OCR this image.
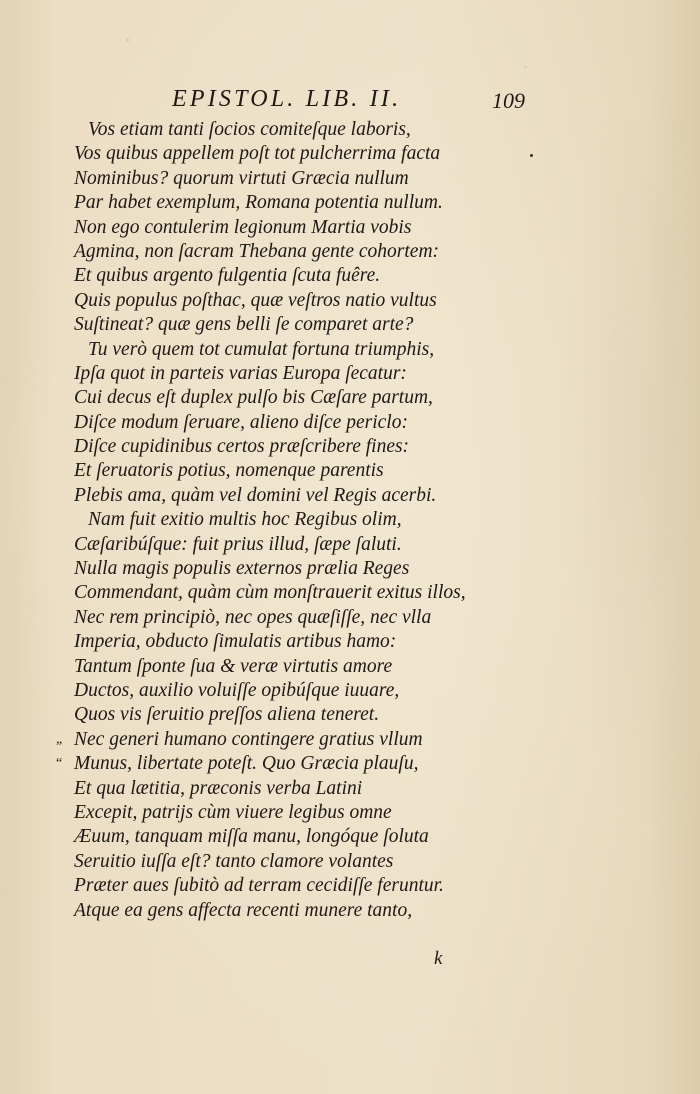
EPISTOL. LIB. II.	109
Vos etiam tanti ſocios comiteſque laboris,
Vos quibus appellem poſt tot pulcherrima facta
Nominibus? quorum virtuti Græcia nullum
Par habet exemplum, Romana potentia nullum.
Non ego contulerim legionum Martia vobis
Agmina, non ſacram Thebana gente cohortem:
Et quibus argento fulgentia ſcuta fuêre.
Quis populus poſthac, quæ veſtros natio vultus
Suſtineat? quæ gens belli ſe comparet arte?
Tu verò quem tot cumulat fortuna triumphis,
Ipſa quot in parteis varias Europa ſecatur:
Cui decus eſt duplex pulſo bis Cæſare partum,
Diſce modum ſeruare, alieno diſce periclo:
Diſce cupidinibus certos præſcribere fines:
Et ſeruatoris potius, nomenque parentis
Plebis ama, quàm vel domini vel Regis acerbi.
Nam fuit exitio multis hoc Regibus olim,
Cæſaribúſque: fuit prius illud, ſæpe ſaluti.
Nulla magis populis externos prælia Reges
Commendant, quàm cùm monſtrauerit exitus illos,
Nec rem principiò, nec opes quæſiſſe, nec vlla
Imperia, obducto ſimulatis artibus hamo:
Tantum ſponte ſua & veræ virtutis amore
Ductos, auxilio voluiſſe opibúſque iuuare,
Quos vis ſeruitio preſſos aliena teneret.
„ Nec generi humano contingere gratius vllum
“ Munus, libertate poteſt. Quo Græcia plauſu,
Et qua lætitia, præconis verba Latini
Excepit, patrijs cùm viuere legibus omne
Æuum, tanquam miſſa manu, longóque ſoluta
Seruitio iuſſa eſt? tanto clamore volantes
Præter aues ſubitò ad terram cecidiſſe feruntur.
Atque ea gens affecta recenti munere tanto,
k
